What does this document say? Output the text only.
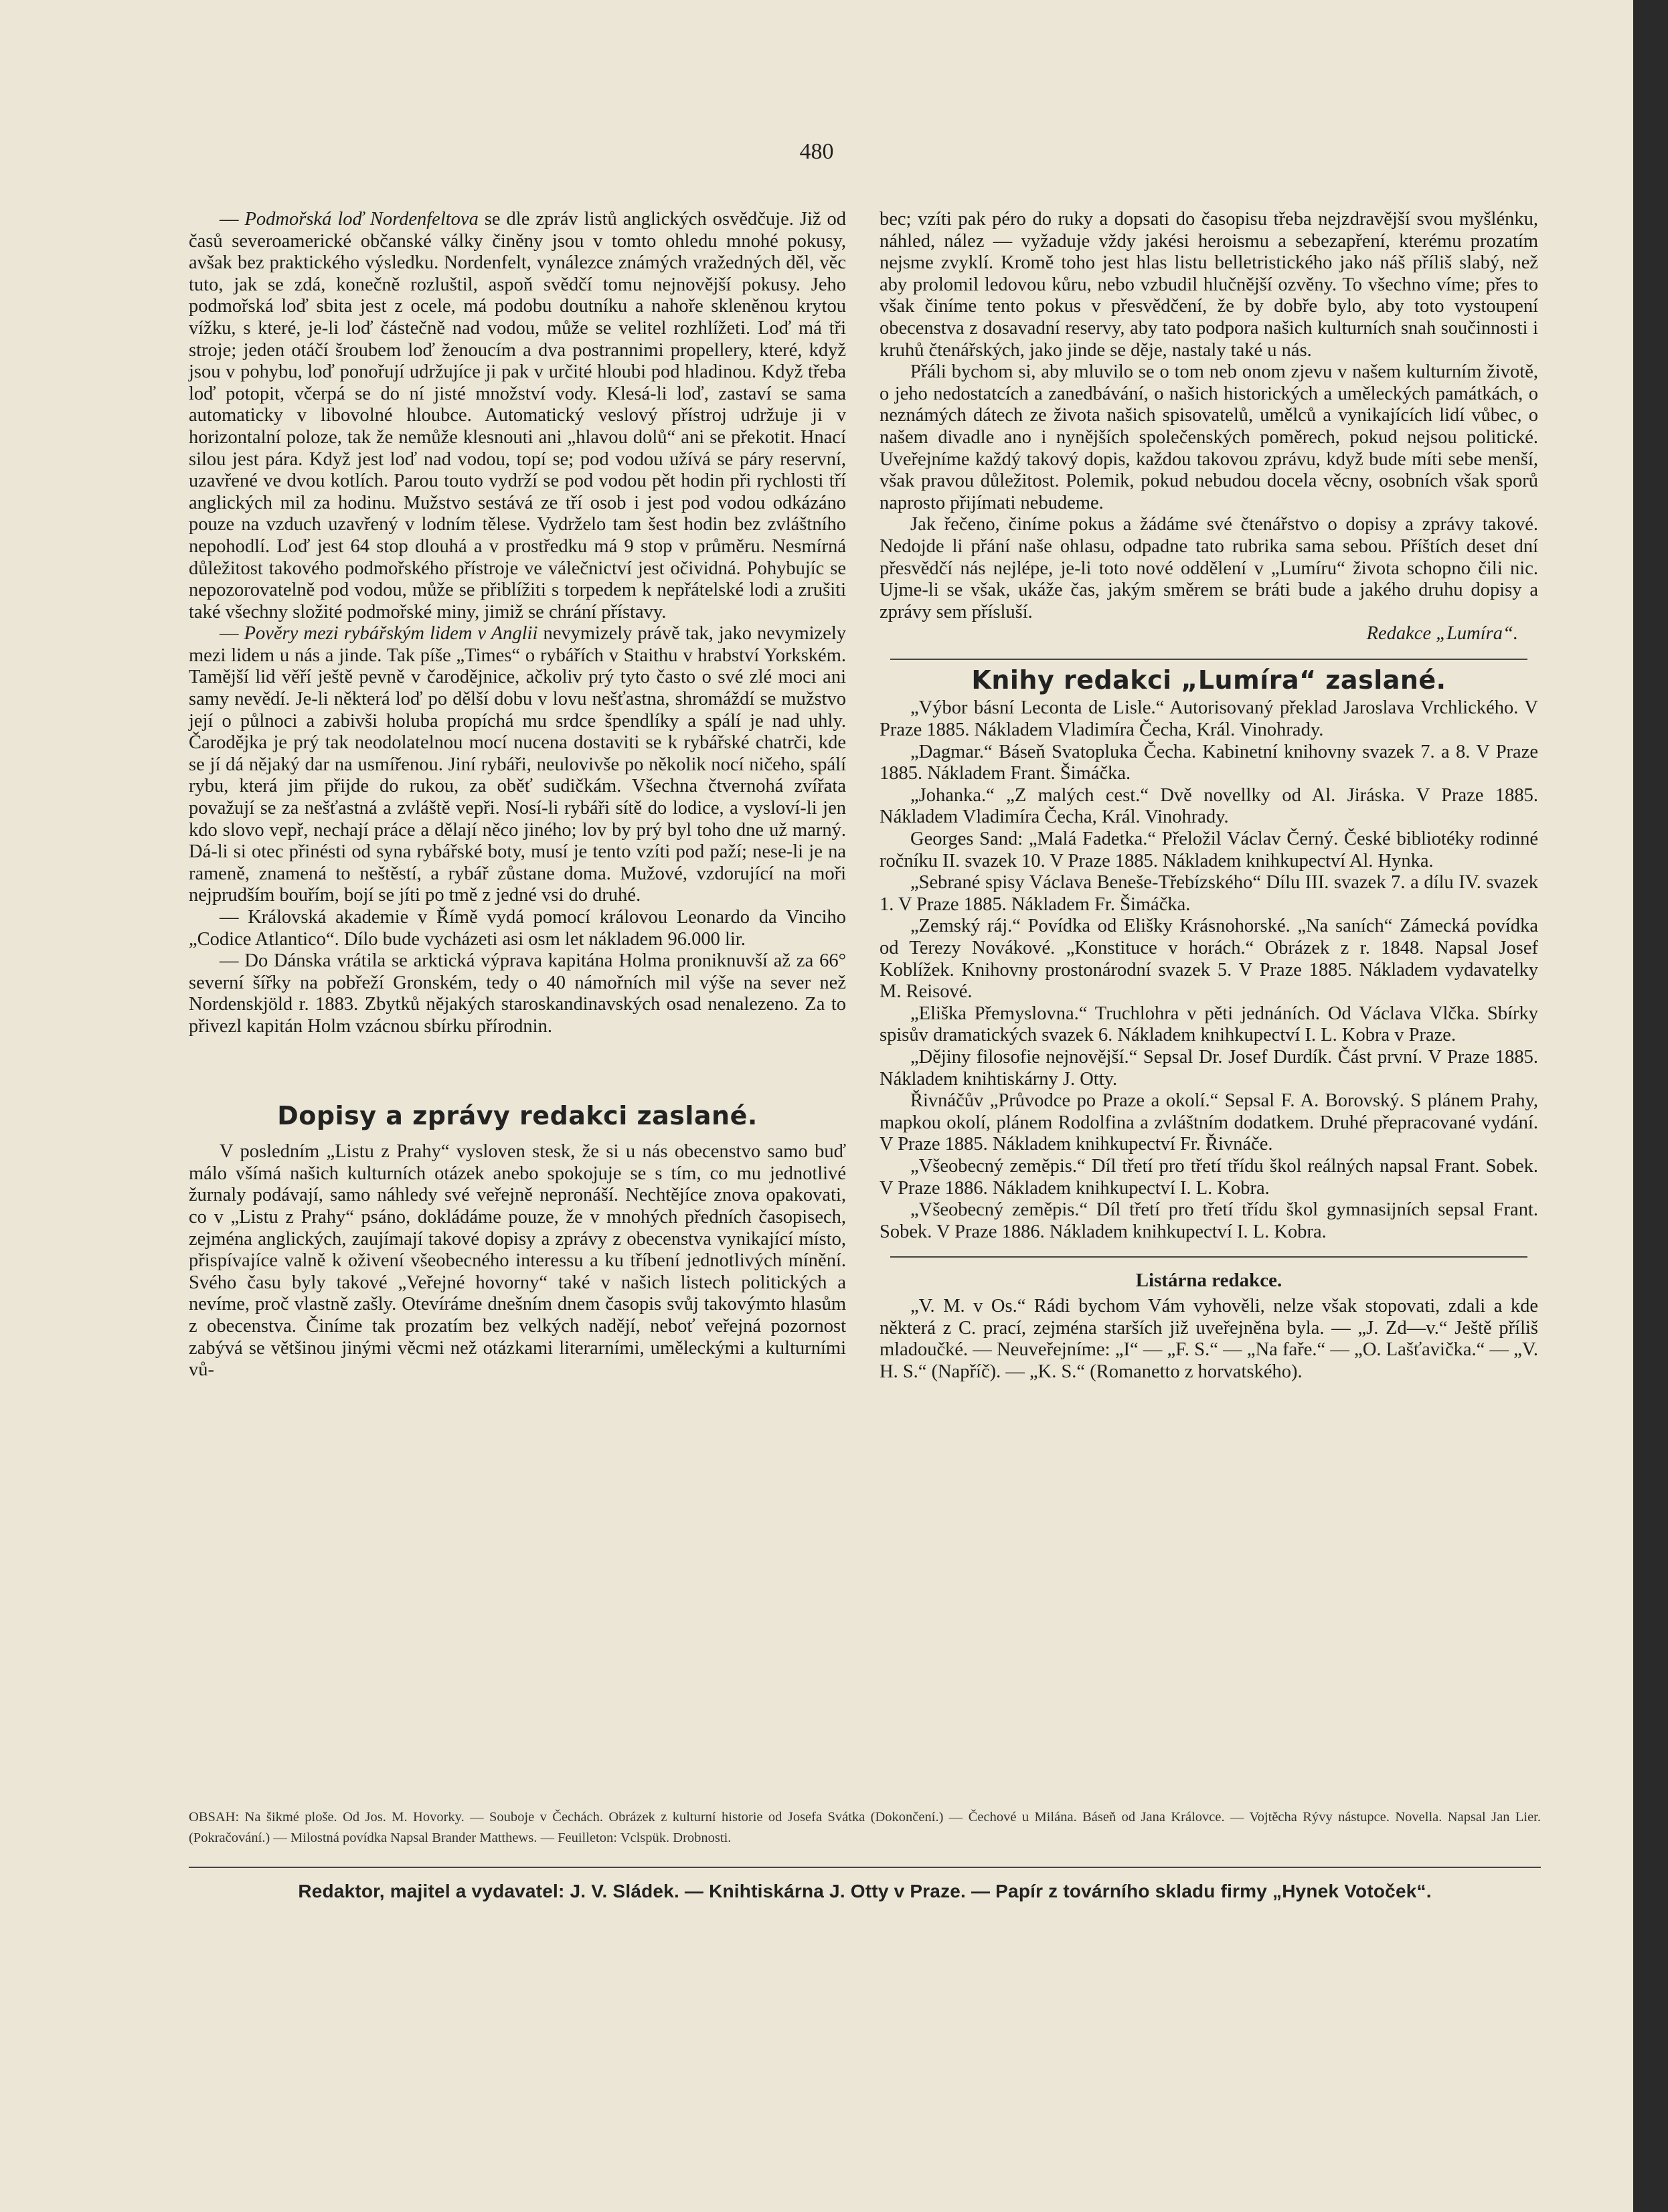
480

— Podmořská loď Nordenfeltova se dle zpráv listů anglických osvědčuje. Již od časů severoamerické občanské války činěny jsou v tomto ohledu mnohé pokusy, avšak bez praktického výsledku. Nordenfelt, vynálezce známých vražedných děl, věc tuto, jak se zdá, konečně rozluštil, aspoň svědčí tomu nejnovější pokusy. Jeho podmořská loď sbita jest z ocele, má podobu doutníku a nahoře skleněnou krytou vížku, s které, je-li loď částečně nad vodou, může se velitel rozhlížeti. Loď má tři stroje; jeden otáčí šroubem loď ženoucím a dva postrannimi propellery, které, když jsou v pohybu, loď ponořují udržujíce ji pak v určité hloubi pod hladinou. Když třeba loď potopit, včerpá se do ní jisté množství vody. Klesá-li loď, zastaví se sama automaticky v libovolné hloubce. Automatický veslový přístroj udržuje ji v horizontalní poloze, tak že nemůže klesnouti ani „hlavou dolů“ ani se překotit. Hnací silou jest pára. Když jest loď nad vodou, topí se; pod vodou užívá se páry reservní, uzavřené ve dvou kotlích. Parou touto vydrží se pod vodou pět hodin při rychlosti tří anglických mil za hodinu. Mužstvo sestává ze tří osob i jest pod vodou odkázáno pouze na vzduch uzavřený v lodním tělese. Vydrželo tam šest hodin bez zvláštního nepohodlí. Loď jest 64 stop dlouhá a v prostředku má 9 stop v průměru. Nesmírná důležitost takového podmořského přístroje ve válečnictví jest očividná. Pohybujíc se nepozorovatelně pod vodou, může se přiblížiti s torpedem k nepřátelské lodi a zrušiti také všechny složité podmořské miny, jimiž se chrání přístavy.

— Pověry mezi rybářským lidem v Anglii nevymizely právě tak, jako nevymizely mezi lidem u nás a jinde. Tak píše „Times“ o rybářích v Staithu v hrabství Yorkském. Tamější lid věří ještě pevně v čarodějnice, ačkoliv prý tyto často o své zlé moci ani samy nevědí. Je-li některá loď po dělší dobu v lovu nešťastna, shromáždí se mužstvo její o půlnoci a zabivši holuba propíchá mu srdce špendlíky a spálí je nad uhly. Čarodějka je prý tak neodolatelnou mocí nucena dostaviti se k rybářské chatrči, kde se jí dá nějaký dar na usmířenou. Jiní rybáři, neulovivše po několik nocí ničeho, spálí rybu, která jim přijde do rukou, za oběť sudičkám. Všechna čtvernohá zvířata považují se za nešťastná a zvláště vepři. Nosí-li rybáři sítě do lodice, a vysloví-li jen kdo slovo vepř, nechají práce a dělají něco jiného; lov by prý byl toho dne už marný. Dá-li si otec přinésti od syna rybářské boty, musí je tento vzíti pod paží; nese-li je na rameně, znamená to neštěstí, a rybář zůstane doma. Mužové, vzdorující na moři nejprudším bouřím, bojí se jíti po tmě z jedné vsi do druhé.

— Královská akademie v Římě vydá pomocí královou Leonardo da Vinciho „Codice Atlantico“. Dílo bude vycházeti asi osm let nákladem 96.000 lir.

— Do Dánska vrátila se arktická výprava kapitána Holma proniknuvší až za 66° severní šířky na pobřeží Gronském, tedy o 40 námořních mil výše na sever než Nordenskjöld r. 1883. Zbytků nějakých staroskandinavských osad nenalezeno. Za to přivezl kapitán Holm vzácnou sbírku přírodnin.

Dopisy a zprávy redakci zaslané.

V posledním „Listu z Prahy“ vysloven stesk, že si u nás obecenstvo samo buď málo všímá našich kulturních otázek anebo spokojuje se s tím, co mu jednotlivé žurnaly podávají, samo náhledy své veřejně nepronáší. Nechtějíce znova opakovati, co v „Listu z Prahy“ psáno, dokládáme pouze, že v mnohých předních časopisech, zejména anglických, zaujímají takové dopisy a zprávy z obecenstva vynikající místo, přispívajíce valně k oživení všeobecného interessu a ku tříbení jednotlivých mínění. Svého času byly takové „Veřejné hovorny“ také v našich listech politických a nevíme, proč vlastně zašly. Otevíráme dnešním dnem časopis svůj takovýmto hlasům z obecenstva. Činíme tak prozatím bez velkých nadějí, neboť veřejná pozornost zabývá se většinou jinými věcmi než otázkami literarními, uměleckými a kulturními vů-

bec; vzíti pak péro do ruky a dopsati do časopisu třeba nejzdravější svou myšlénku, náhled, nález — vyžaduje vždy jakési heroismu a sebezapření, kterému prozatím nejsme zvyklí. Kromě toho jest hlas listu belletristického jako náš příliš slabý, než aby prolomil ledovou kůru, nebo vzbudil hlučnější ozvěny. To všechno víme; přes to však činíme tento pokus v přesvědčení, že by dobře bylo, aby toto vystoupení obecenstva z dosavadní reservy, aby tato podpora našich kulturních snah součinnosti i kruhů čtenářských, jako jinde se děje, nastaly také u nás.

Přáli bychom si, aby mluvilo se o tom neb onom zjevu v našem kulturním životě, o jeho nedostatcích a zanedbávání, o našich historických a uměleckých památkách, o neznámých dátech ze života našich spisovatelů, umělců a vynikajících lidí vůbec, o našem divadle ano i nynějších společenských poměrech, pokud nejsou politické. Uveřejníme každý takový dopis, každou takovou zprávu, když bude míti sebe menší, však pravou důležitost. Polemik, pokud nebudou docela věcny, osobních však sporů naprosto přijímati nebudeme.

Jak řečeno, činíme pokus a žádáme své čtenářstvo o dopisy a zprávy takové. Nedojde li přání naše ohlasu, odpadne tato rubrika sama sebou. Příštích deset dní přesvědčí nás nejlépe, je-li toto nové oddělení v „Lumíru“ života schopno čili nic. Ujme-li se však, ukáže čas, jakým směrem se bráti bude a jakého druhu dopisy a zprávy sem přísluší.

Redakce „Lumíra“.

Knihy redakci „Lumíra“ zaslané.

„Výbor básní Leconta de Lisle.“ Autorisovaný překlad Jaroslava Vrchlického. V Praze 1885. Nákladem Vladimíra Čecha, Král. Vinohrady.

„Dagmar.“ Báseň Svatopluka Čecha. Kabinetní knihovny svazek 7. a 8. V Praze 1885. Nákladem Frant. Šimáčka.

„Johanka.“ „Z malých cest.“ Dvě novellky od Al. Jiráska. V Praze 1885. Nákladem Vladimíra Čecha, Král. Vinohrady.

Georges Sand: „Malá Fadetka.“ Přeložil Václav Černý. České bibliotéky rodinné ročníku II. svazek 10. V Praze 1885. Nákladem knihkupectví Al. Hynka.

„Sebrané spisy Václava Beneše-Třebízského“ Dílu III. svazek 7. a dílu IV. svazek 1. V Praze 1885. Nákladem Fr. Šimáčka.

„Zemský ráj.“ Povídka od Elišky Krásnohorské. „Na saních“ Zámecká povídka od Terezy Novákové. „Konstituce v horách.“ Obrázek z r. 1848. Napsal Josef Koblížek. Knihovny prostonárodní svazek 5. V Praze 1885. Nákladem vydavatelky M. Reisové.

„Eliška Přemyslovna.“ Truchlohra v pěti jednáních. Od Václava Vlčka. Sbírky spisův dramatických svazek 6. Nákladem knihkupectví I. L. Kobra v Praze.

„Dějiny filosofie nejnovější.“ Sepsal Dr. Josef Durdík. Část první. V Praze 1885. Nákladem knihtiskárny J. Otty.

Řivnáčův „Průvodce po Praze a okolí.“ Sepsal F. A. Borovský. S plánem Prahy, mapkou okolí, plánem Rodolfina a zvláštním dodatkem. Druhé přepracované vydání. V Praze 1885. Nákladem knihkupectví Fr. Řivnáče.

„Všeobecný zeměpis.“ Díl třetí pro třetí třídu škol reálných napsal Frant. Sobek. V Praze 1886. Nákladem knihkupectví I. L. Kobra.

„Všeobecný zeměpis.“ Díl třetí pro třetí třídu škol gymnasijních sepsal Frant. Sobek. V Praze 1886. Nákladem knihkupectví I. L. Kobra.

Listárna redakce.

„V. M. v Os.“ Rádi bychom Vám vyhověli, nelze však stopovati, zdali a kde některá z C. prací, zejména starších již uveřejněna byla. — „J. Zd—v.“ Ještě příliš mladoučké. — Neuveřejníme: „I“ — „F. S.“ — „Na faře.“ — „O. Lašťavička.“ — „V. H. S.“ (Napříč). — „K. S.“ (Romanetto z horvatského).

OBSAH: Na šikmé ploše. Od Jos. M. Hovorky. — Souboje v Čechách. Obrázek z kulturní historie od Josefa Svátka (Dokončení.) — Čechové u Milána. Báseň od Jana Královce. — Vojtěcha Rývy nástupce. Novella. Napsal Jan Lier. (Pokračování.) — Milostná povídka Napsal Brander Matthews. — Feuilleton: Vclspük. Drobnosti.
Redaktor, majitel a vydavatel: J. V. Sládek. — Knihtiskárna J. Otty v Praze. — Papír z továrního skladu firmy „Hynek Votoček“.
